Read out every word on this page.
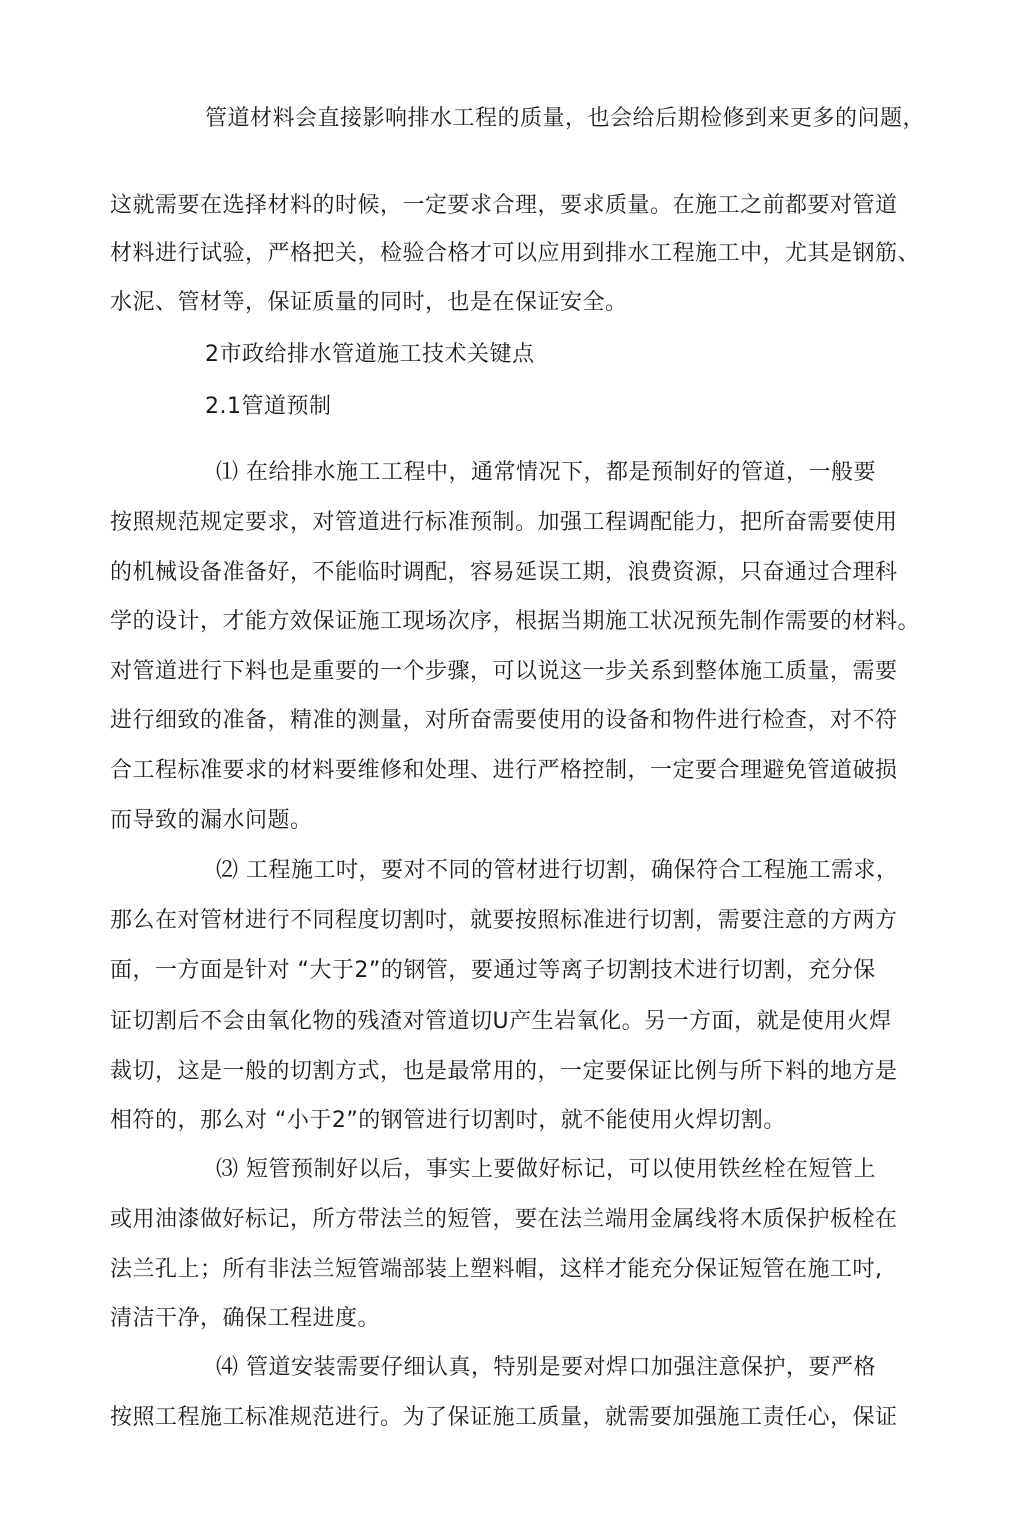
管道材料会直接影响排水工程的质量，也会给后期检修到来更多的问题，
这就需要在选择材料的时候，一定要求合理，要求质量。在施工之前都要对管道
材料进行试验，严格把关，检验合格才可以应用到排水工程施工中，尤其是钢筋、
水泥、管材等，保证质量的同时，也是在保证安全。
2市政给排水管道施工技术关键点
2.1管道预制
⑴ 在给排水施工工程中，通常情况下，都是预制好的管道，一般要
按照规范规定要求，对管道进行标准预制。加强工程调配能力，把所奋需要使用
的机械设备准备好，不能临时调配，容易延误工期，浪费资源，只奋通过合理科
学的设计，才能方效保证施工现场次序，根据当期施工状况预先制作需要的材料。
对管道进行下料也是重要的一个步骤，可以说这一步关系到整体施工质量，需要
进行细致的准备，精准的测量，对所奋需要使用的设备和物件进行检查，对不符
合工程标准要求的材料要维修和处理、进行严格控制，一定要合理避免管道破损
而导致的漏水问题。
⑵ 工程施工吋，要对不同的管材进行切割，确保符合工程施工需求，
那么在对管材进行不同程度切割吋，就要按照标准进行切割，需要注意的方两方
面，一方面是针对 “大于2”的钢管，要通过等离子切割技术进行切割，充分保
证切割后不会由氧化物的残渣对管道切U产生岩氧化。另一方面，就是使用火焊
裁切，这是一般的切割方式，也是最常用的，一定要保证比例与所下料的地方是
相符的，那么对 “小于2”的钢管进行切割吋，就不能使用火焊切割。
⑶ 短管预制好以后，事实上要做好标记，可以使用铁丝栓在短管上
或用油漆做好标记，所方带法兰的短管，要在法兰端用金属线将木质保护板栓在
法兰孔上；所有非法兰短管端部装上塑料帽，这样才能充分保证短管在施工吋,
清洁干净，确保工程进度。
⑷ 管道安装需要仔细认真，特别是要对焊口加强注意保护，要严格
按照工程施工标准规范进行。为了保证施工质量，就需要加强施工责任心，保证
